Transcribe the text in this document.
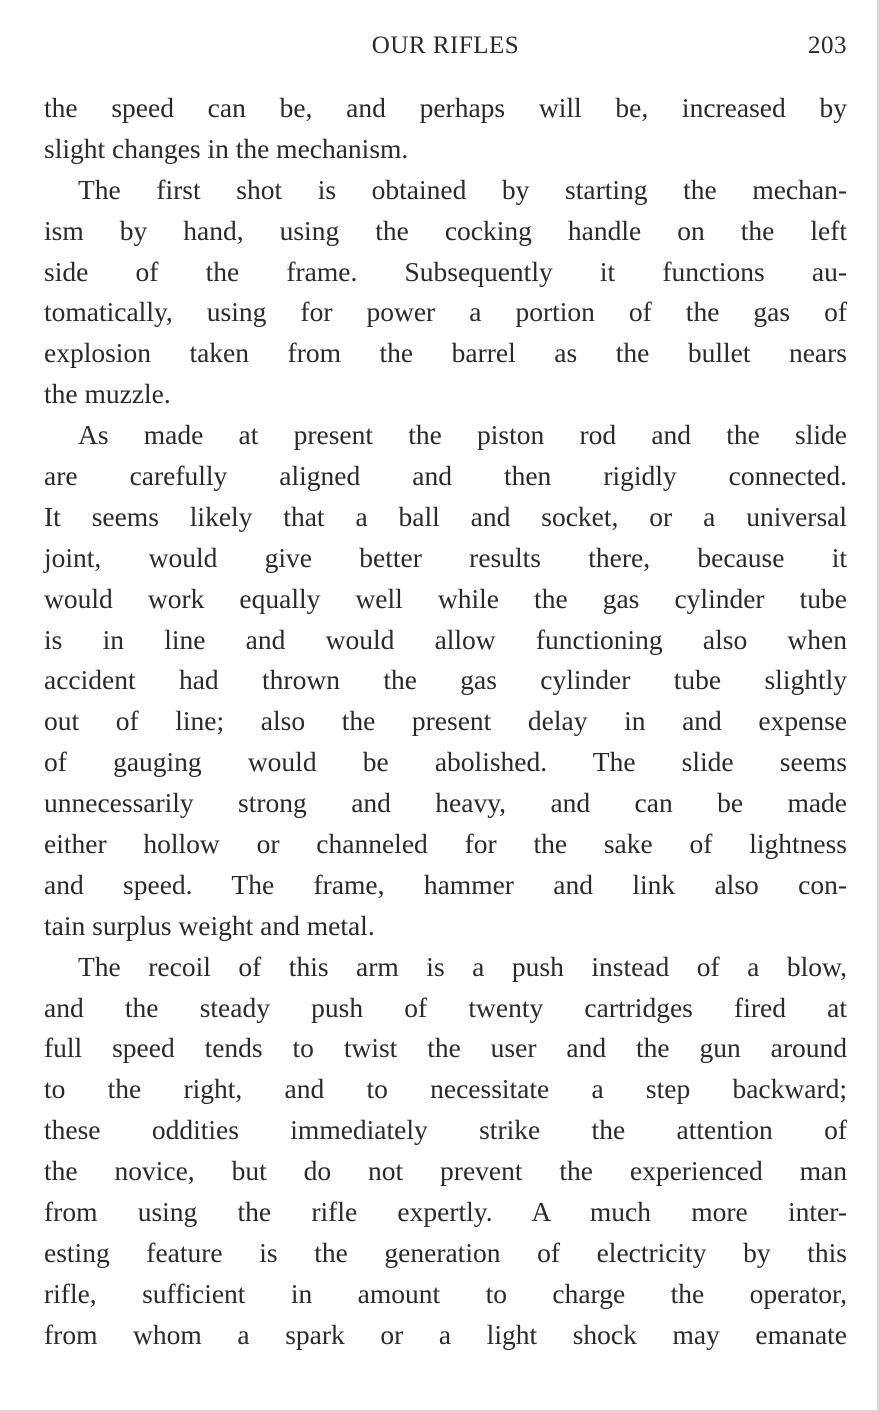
OUR RIFLES	203
the speed can be, and perhaps will be, increased by
slight changes in the mechanism.
The first shot is obtained by starting the mechan-
ism by hand, using the cocking handle on the left
side of the frame. Subsequently it functions au-
tomatically, using for power a portion of the gas of
explosion taken from the barrel as the bullet nears
the muzzle.
As made at present the piston rod and the slide
are carefully aligned and then rigidly connected.
It seems likely that a ball and socket, or a universal
joint, would give better results there, because it
would work equally well while the gas cylinder tube
is in line and would allow functioning also when
accident had thrown the gas cylinder tube slightly
out of line; also the present delay in and expense
of gauging would be abolished. The slide seems
unnecessarily strong and heavy, and can be made
either hollow or channeled for the sake of lightness
and speed. The frame, hammer and link also con-
tain surplus weight and metal.
The recoil of this arm is a push instead of a blow,
and the steady push of twenty cartridges fired at
full speed tends to twist the user and the gun around
to the right, and to necessitate a step backward;
these oddities immediately strike the attention of
the novice, but do not prevent the experienced man
from using the rifle expertly. A much more inter-
esting feature is the generation of electricity by this
rifle, sufficient in amount to charge the operator,
from whom a spark or a light shock may emanate
